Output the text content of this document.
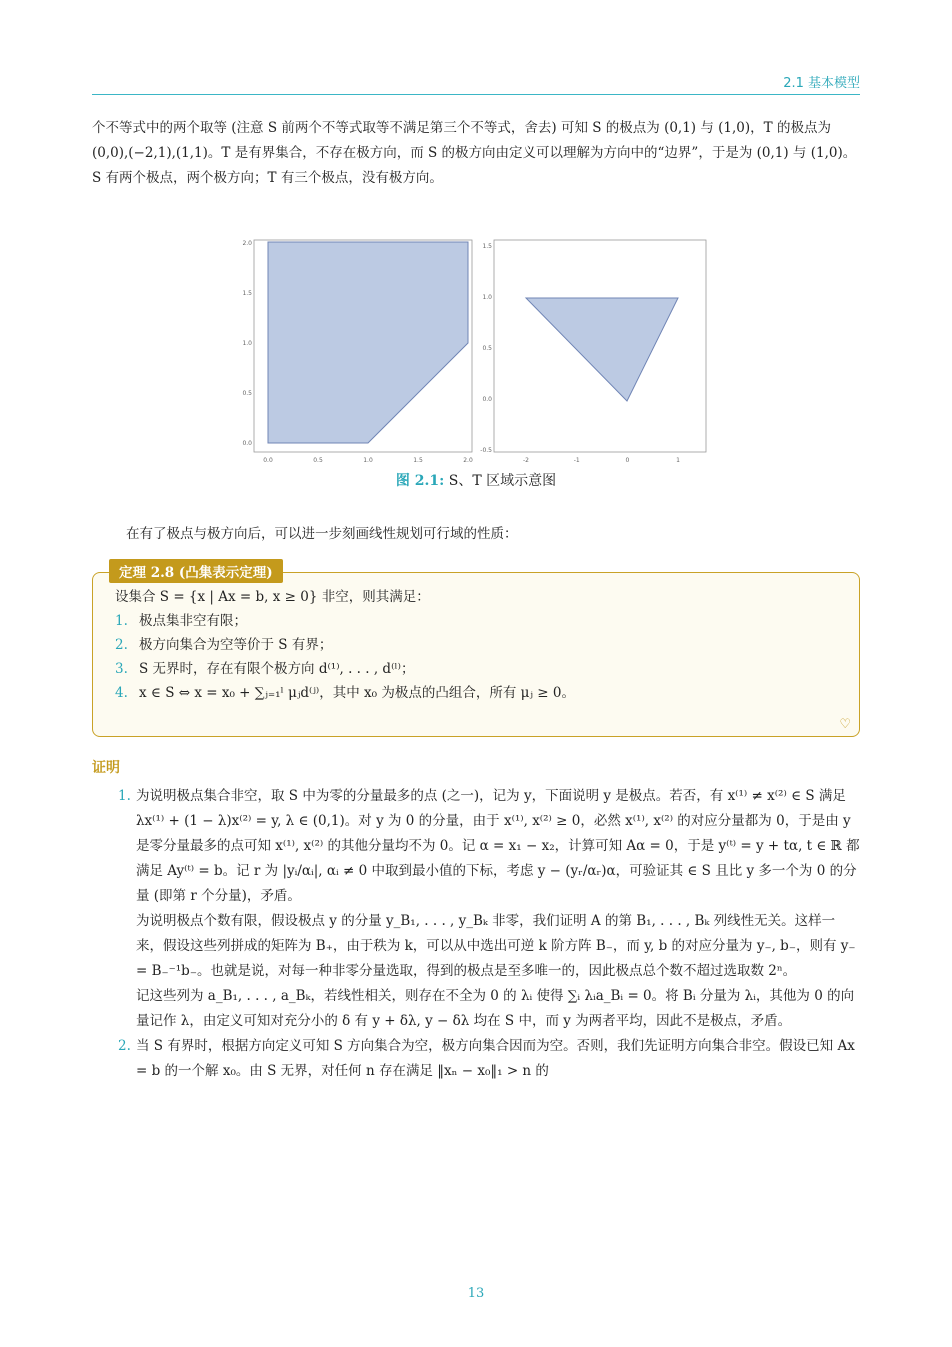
2.1 基本模型
个不等式中的两个取等 (注意 S 前两个不等式取等不满足第三个不等式，舍去) 可知 S 的极点为 (0,1) 与 (1,0)，T 的极点为 (0,0),(−2,1),(1,1)。T 是有界集合，不存在极方向，而 S 的极方向由定义可以理解为方向中的“边界”，于是为 (0,1) 与 (1,0)。S 有两个极点，两个极方向；T 有三个极点，没有极方向。
0.0	0.5	1.0	1.5	2.0
0.0
0.5
1.0
1.5
2.0
-2	-1	0	1
-0.5
0.0
0.5
1.0
1.5
图 2.1: S、T 区域示意图
在有了极点与极方向后，可以进一步刻画线性规划可行域的性质：
定理 2.8 (凸集表示定理)
设集合 S = {x | Ax = b, x ≥ 0} 非空，则其满足：
1. 极点集非空有限；
2. 极方向集合为空等价于 S 有界；
3. S 无界时，存在有限个极方向 d⁽¹⁾, . . . , d⁽ˡ⁾；
4. x ∈ S ⇔ x = x₀ + ∑ⱼ₌₁ˡ μⱼd⁽ʲ⁾，其中 x₀ 为极点的凸组合，所有 μⱼ ≥ 0。
♡
证明
1. 为说明极点集合非空，取 S 中为零的分量最多的点 (之一)，记为 y，下面说明 y 是极点。若否，有 x⁽¹⁾ ≠ x⁽²⁾ ∈ S 满足 λx⁽¹⁾ + (1 − λ)x⁽²⁾ = y, λ ∈ (0,1)。对 y 为 0 的分量，由于 x⁽¹⁾, x⁽²⁾ ≥ 0，必然 x⁽¹⁾, x⁽²⁾ 的对应分量都为 0，于是由 y 是零分量最多的点可知 x⁽¹⁾, x⁽²⁾ 的其他分量均不为 0。记 α = x₁ − x₂，计算可知 Aα = 0，于是 y⁽ᵗ⁾ = y + tα, t ∈ ℝ 都满足 Ay⁽ᵗ⁾ = b。记 r 为 |yᵢ/αᵢ|, αᵢ ≠ 0 中取到最小值的下标，考虑 y − (yᵣ/αᵣ)α，可验证其 ∈ S 且比 y 多一个为 0 的分量 (即第 r 个分量)，矛盾。

为说明极点个数有限，假设极点 y 的分量 y_B₁, . . . , y_Bₖ 非零，我们证明 A 的第 B₁, . . . , Bₖ 列线性无关。这样一来，假设这些列拼成的矩阵为 B₊，由于秩为 k，可以从中选出可逆 k 阶方阵 B₋，而 y, b 的对应分量为 y₋, b₋，则有 y₋ = B₋⁻¹b₋。也就是说，对每一种非零分量选取，得到的极点是至多唯一的，因此极点总个数不超过选取数 2ⁿ。

记这些列为 a_B₁, . . . , a_Bₖ，若线性相关，则存在不全为 0 的 λᵢ 使得 ∑ᵢ λᵢa_Bᵢ = 0。将 Bᵢ 分量为 λᵢ，其他为 0 的向量记作 λ，由定义可知对充分小的 δ 有 y + δλ, y − δλ 均在 S 中，而 y 为两者平均，因此不是极点，矛盾。

2. 当 S 有界时，根据方向定义可知 S 方向集合为空，极方向集合因而为空。否则，我们先证明方向集合非空。假设已知 Ax = b 的一个解 x₀。由 S 无界，对任何 n 存在满足 ‖xₙ − x₀‖₁ > n 的

13
